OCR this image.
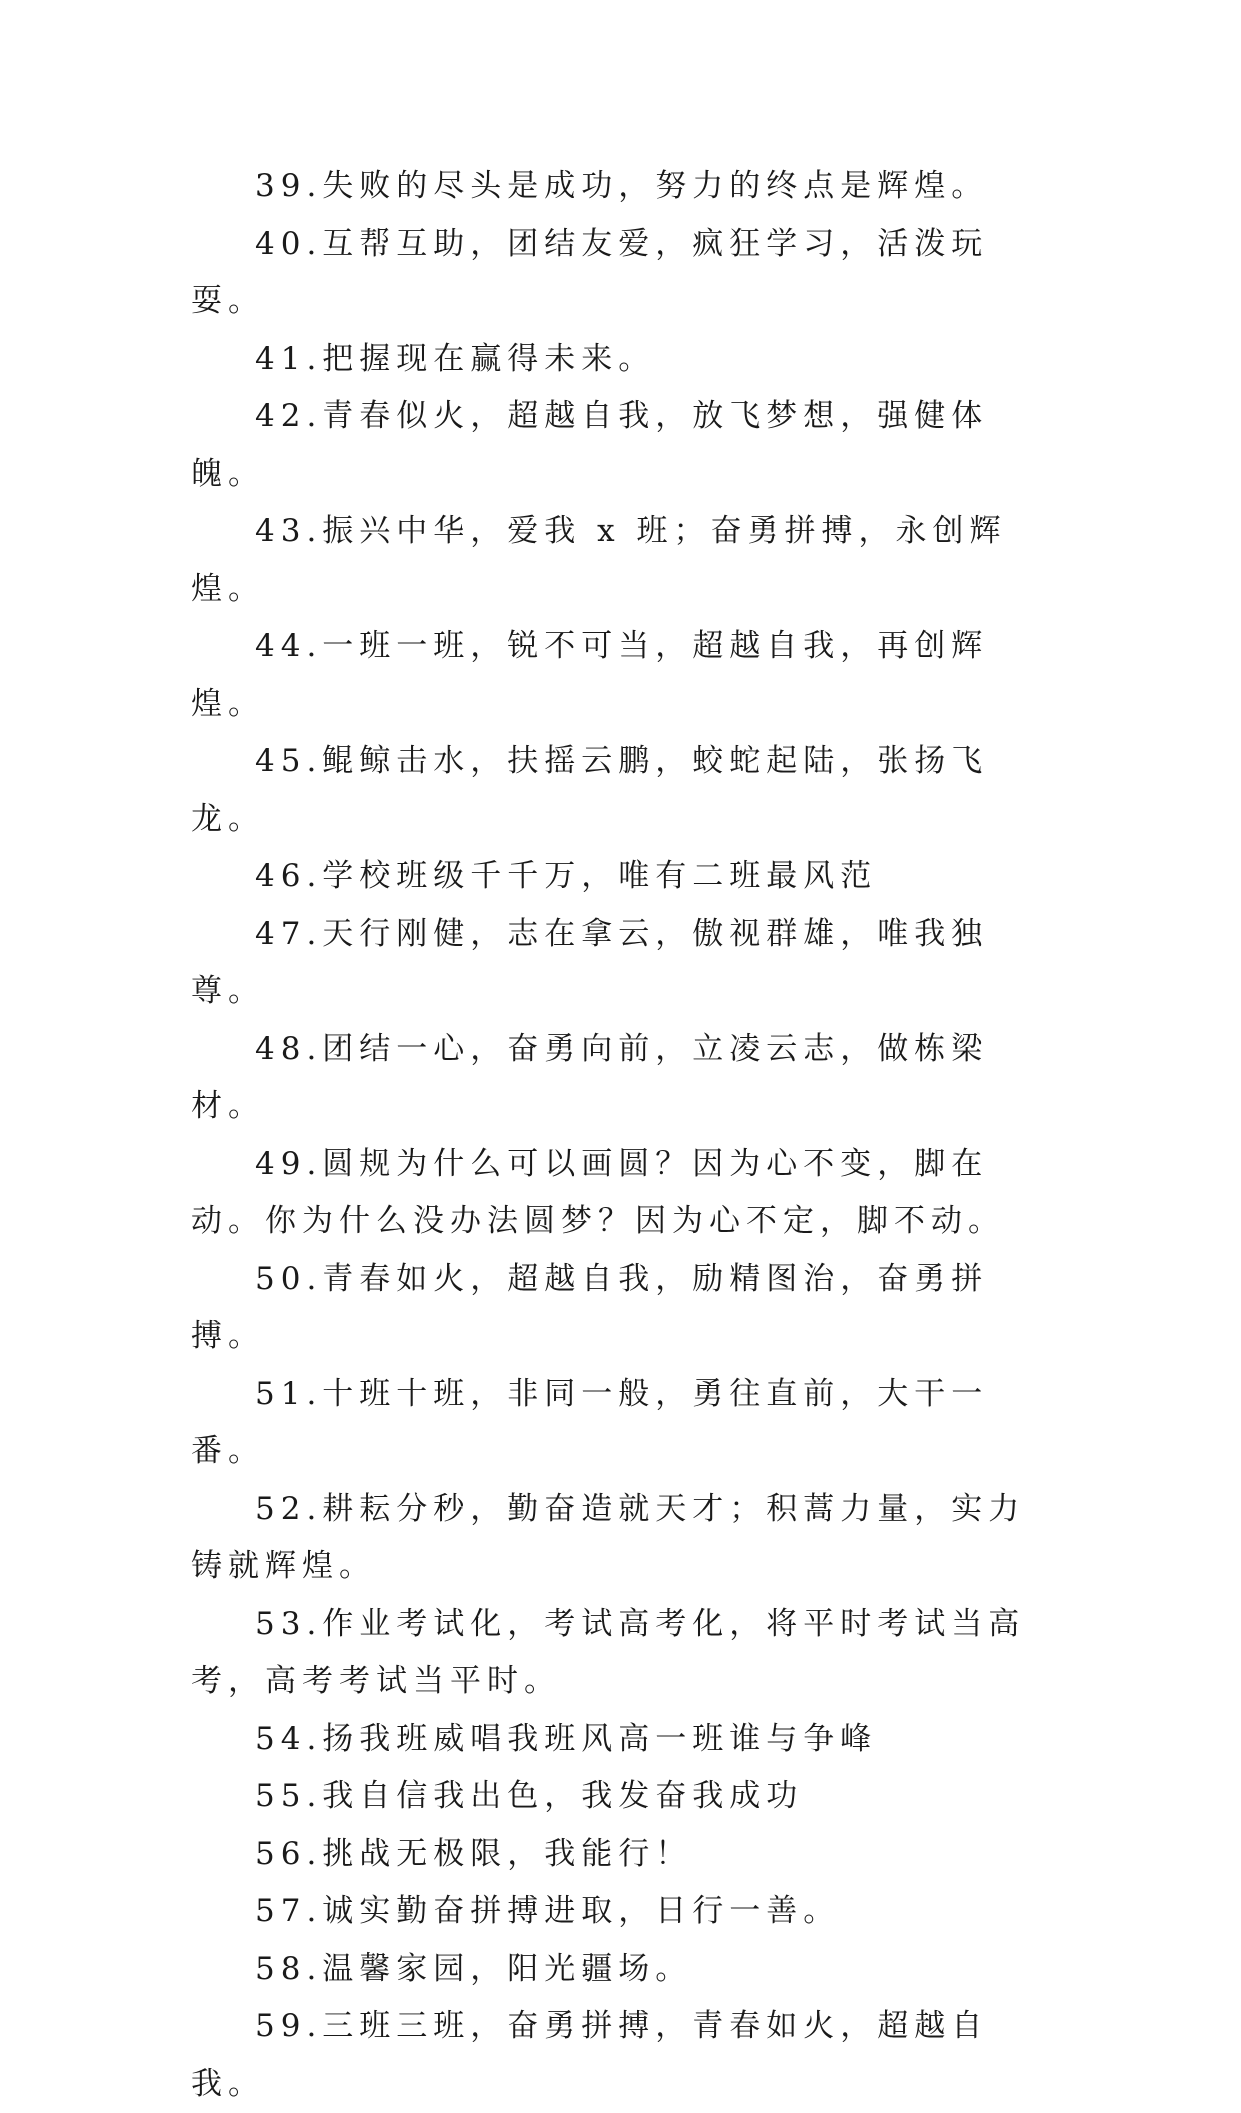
39.失败的尽头是成功，努力的终点是辉煌。

40.互帮互助，团结友爱，疯狂学习，活泼玩耍。

41.把握现在赢得未来。

42.青春似火，超越自我，放飞梦想，强健体魄。

43.振兴中华，爱我 x 班；奋勇拼搏，永创辉煌。

44.一班一班，锐不可当，超越自我，再创辉煌。

45.鲲鲸击水，扶摇云鹏，蛟蛇起陆，张扬飞龙。

46.学校班级千千万，唯有二班最风范

47.天行刚健，志在拿云，傲视群雄，唯我独尊。

48.团结一心，奋勇向前，立凌云志，做栋梁材。

49.圆规为什么可以画圆？因为心不变，脚在动。你为什么没办法圆梦？因为心不定，脚不动。

50.青春如火，超越自我，励精图治，奋勇拼搏。

51.十班十班，非同一般，勇往直前，大干一番。

52.耕耘分秒，勤奋造就天才；积蒿力量，实力铸就辉煌。

53.作业考试化，考试高考化，将平时考试当高考，高考考试当平时。

54.扬我班威唱我班风高一班谁与争峰

55.我自信我出色，我发奋我成功

56.挑战无极限，我能行！

57.诚实勤奋拼搏进取，日行一善。

58.温馨家园，阳光疆场。

59.三班三班，奋勇拼搏，青春如火，超越自我。
